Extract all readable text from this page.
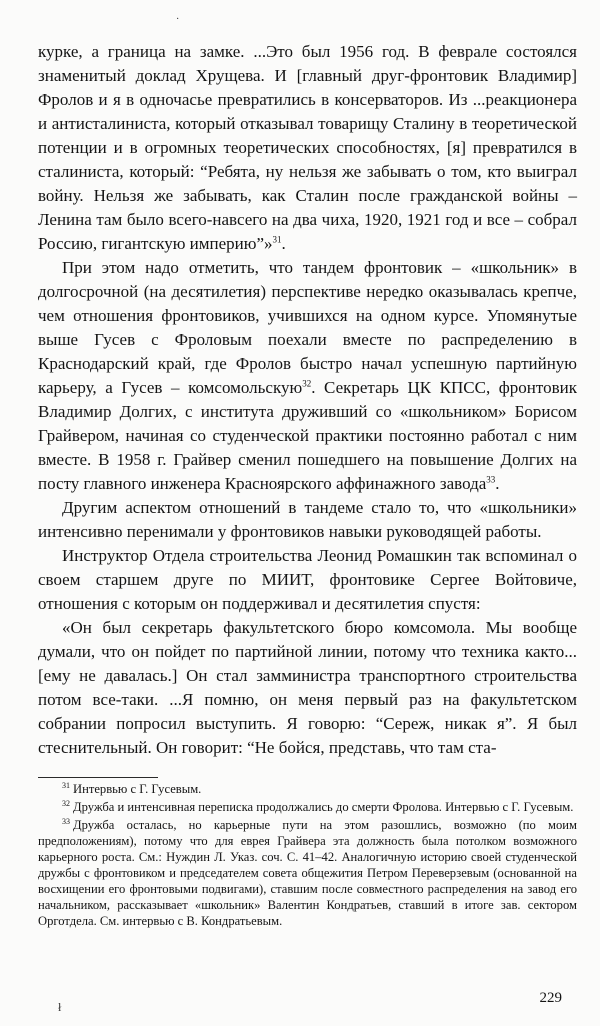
·

курке, а граница на замке. ...Это был 1956 год. В феврале состоялся знаменитый доклад Хрущева. И [главный друг-фронтовик Владимир] Фролов и я в одночасье превратились в консерваторов. Из ...реакционера и антисталиниста, который отказывал товарищу Сталину в теоретической потенции и в огромных теоретических способностях, [я] превратился в сталиниста, который: “Ребята, ну нельзя же забывать о том, кто выиграл войну. Нельзя же забывать, как Сталин после гражданской войны – Ленина там было всего-навсего на два чиха, 1920, 1921 год и все – собрал Россию, гигантскую империю”»$^{31}$.

При этом надо отметить, что тандем фронтовик – «школьник» в долгосрочной (на десятилетия) перспективе нередко оказывалась крепче, чем отношения фронтовиков, учившихся на одном курсе. Упомянутые выше Гусев с Фроловым поехали вместе по распределению в Краснодарский край, где Фролов быстро начал успешную партийную карьеру, а Гусев – комсомольскую$^{32}$. Секретарь ЦК КПСС, фронтовик Владимир Долгих, с института друживший со «школьником» Борисом Грайвером, начиная со студенческой практики постоянно работал с ним вместе. В 1958 г. Грайвер сменил пошедшего на повышение Долгих на посту главного инженера Красноярского аффинажного завода$^{33}$.

Другим аспектом отношений в тандеме стало то, что «школьники» интенсивно перенимали у фронтовиков навыки руководящей работы.

Инструктор Отдела строительства Леонид Ромашкин так вспоминал о своем старшем друге по МИИТ, фронтовике Сергее Войтовиче, отношения с которым он поддерживал и десятилетия спустя:

«Он был секретарь факультетского бюро комсомола. Мы вообще думали, что он пойдет по партийной линии, потому что техника както... [ему не давалась.] Он стал замминистра транспортного строительства потом все-таки. ...Я помню, он меня первый раз на факультетском собрании попросил выступить. Я говорю: “Сереж, никак я”. Я был стеснительный. Он говорит: “Не бойся, представь, что там ста-

$^{31}$ Интервью с Г. Гусевым.

$^{32}$ Дружба и интенсивная переписка продолжались до смерти Фролова. Интервью с Г. Гусевым.

$^{33}$ Дружба осталась, но карьерные пути на этом разошлись, возможно (по моим предположениям), потому что для еврея Грайвера эта должность была потолком возможного карьерного роста. См.: Нуждин Л. Указ. соч. С. 41–42. Аналогичную историю своей студенческой дружбы с фронтовиком и председателем совета общежития Петром Переверзевым (основанной на восхищении его фронтовыми подвигами), ставшим после совместного распределения на завод его начальником, рассказывает «школьник» Валентин Кондратьев, ставший в итоге зав. сектором Орготдела. См. интервью с В. Кондратьевым.

ł
229
